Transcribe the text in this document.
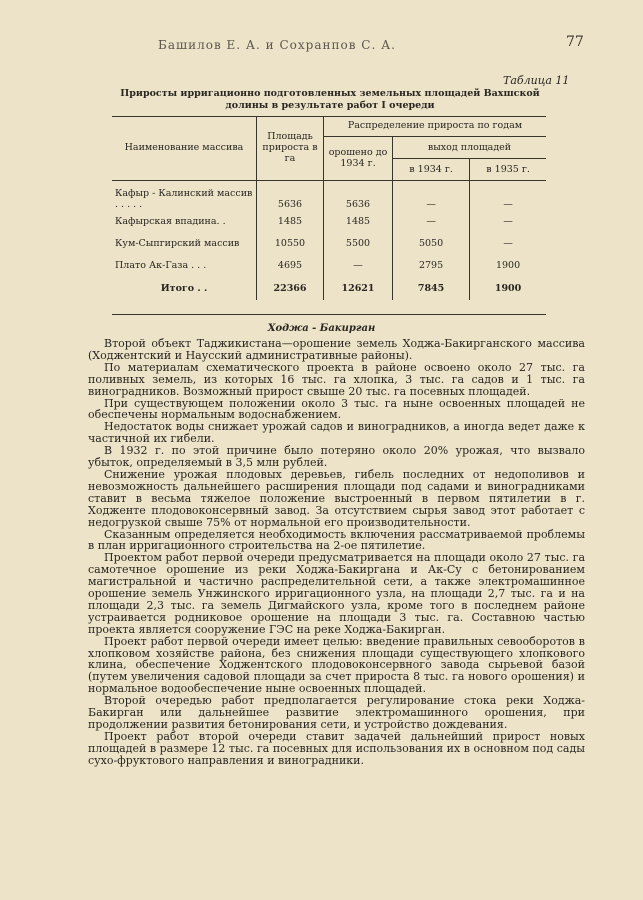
Башилов Е. А. и Сохранпов С. А.	77
Таблица 11
Приросты ирригационно подготовленных земельных площадей Вахшской долины в результате работ I очереди
Наименование массива	Площадь прироста в га	Распределение прироста по годам		
		орошено до 1934 г.	выход площадей	
			в 1934 г.	в 1935 г.
Кафыр - Калинский массив . . . . .	5636	5636	—	—
Кафырская впадина. .	1485	1485	—	—
Кум-Сыпгирский массив	10550	5500	5050	—
Плато Ак-Газа . . .	4695	—	2795	1900
Итого . .	22366	12621	7845	1900
Ходжа - Бакирган

Второй объект Таджикистана—орошение земель Ходжа-Бакирганского массива (Ходжентский и Наусский административные районы).

По материалам схематического проекта в районе освоено около 27 тыс. га поливных земель, из которых 16 тыс. га хлопка, 3 тыс. га садов и 1 тыс. га виноградников. Возможный прирост свыше 20 тыс. га посевных площадей.

При существующем положении около 3 тыс. га ныне освоенных площадей не обеспечены нормальным водоснабжением.

Недостаток воды снижает урожай садов и виноградников, а иногда ведет даже к частичной их гибели.

В 1932 г. по этой причине было потеряно около 20% урожая, что вызвало убыток, определяемый в 3,5 млн рублей.

Снижение урожая плодовых деревьев, гибель последних от недополивов и невозможность дальнейшего расширения площади под садами и виноградниками ставит в весьма тяжелое положение выстроенный в первом пятилетии в г. Ходженте плодовоконсервный завод. За отсутствием сырья завод этот работает с недогрузкой свыше 75% от нормальной его производительности.

Сказанным определяется необходимость включения рассматриваемой проблемы в план ирригационного строительства на 2-ое пятилетие.

Проектом работ первой очереди предусматривается на площади около 27 тыс. га самотечное орошение из реки Ходжа-Бакиргана и Ак-Су с бетонированием магистральной и частично распределительной сети, а также электромашинное орошение земель Унжинского ирригационного узла, на площади 2,7 тыс. га и на площади 2,3 тыс. га земель Дигмайского узла, кроме того в последнем районе устраивается родниковое орошение на площади 3 тыс. га. Составною частью проекта является сооружение ГЭС на реке Ходжа-Бакирган.

Проект работ первой очереди имеет целью: введение правильных севооборотов в хлопковом хозяйстве района, без снижения площади существующего хлопкового клина, обеспечение Ходжентского плодовоконсервного завода сырьевой базой (путем увеличения садовой площади за счет прироста 8 тыс. га нового орошения) и нормальное водообеспечение ныне освоенных площадей.

Второй очередью работ предполагается регулирование стока реки Ходжа-Бакирган или дальнейшее развитие электромашинного орошения, при продолжении развития бетонирования сети, и устройство дождевания.

Проект работ второй очереди ставит задачей дальнейший прирост новых площадей в размере 12 тыс. га посевных для использования их в основном под сады сухо-фруктового направления и виноградники.
